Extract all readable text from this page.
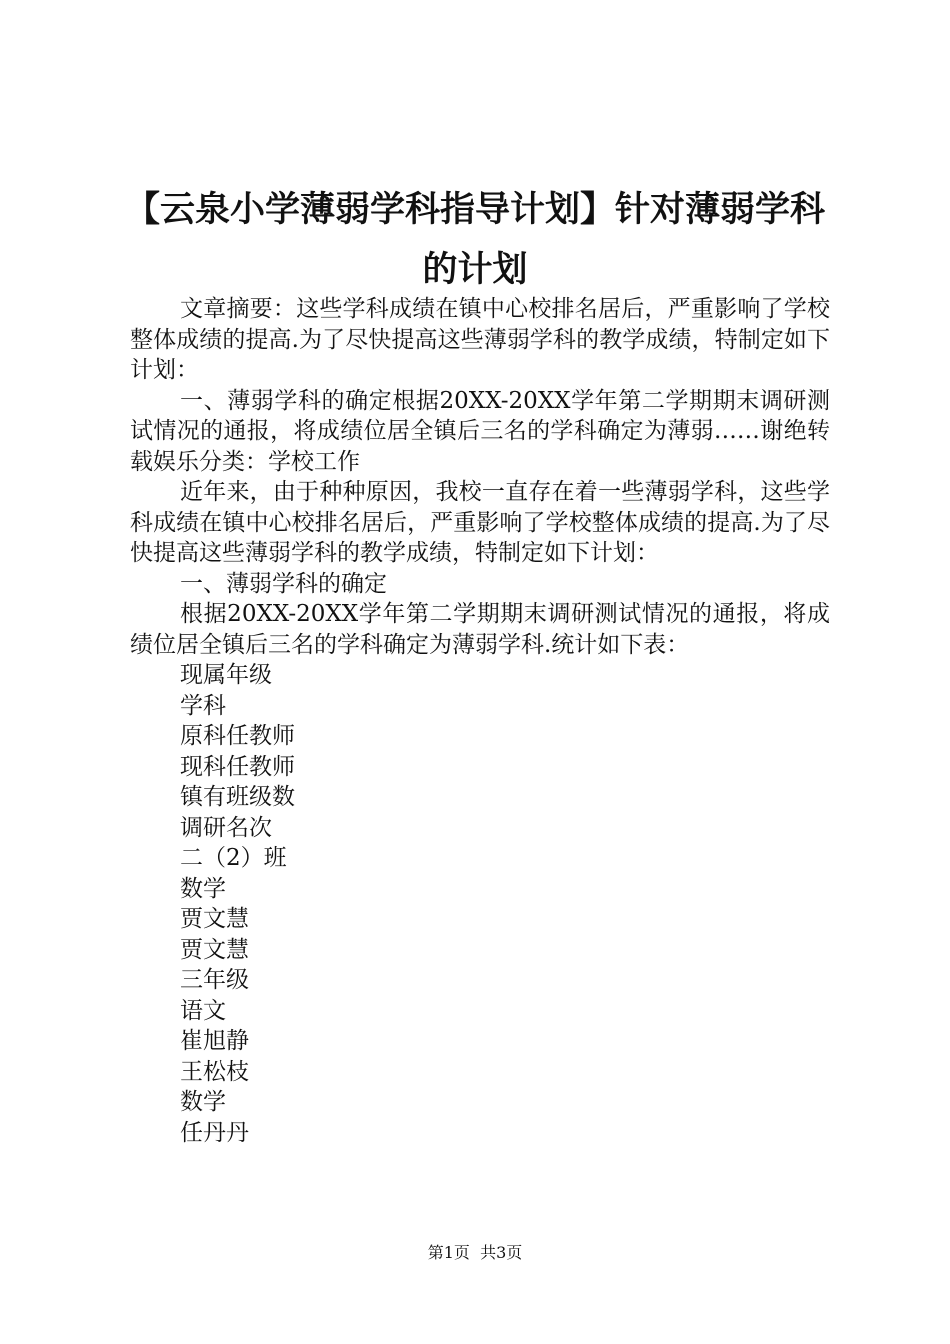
【云泉小学薄弱学科指导计划】针对薄弱学科
的计划

文章摘要：这些学科成绩在镇中心校排名居后，严重影响了学校整体成绩的提高.为了尽快提高这些薄弱学科的教学成绩，特制定如下计划：

一、薄弱学科的确定根据20XX-20XX学年第二学期期末调研测试情况的通报，将成绩位居全镇后三名的学科确定为薄弱……谢绝转载娱乐分类：学校工作

近年来，由于种种原因，我校一直存在着一些薄弱学科，这些学科成绩在镇中心校排名居后，严重影响了学校整体成绩的提高.为了尽快提高这些薄弱学科的教学成绩，特制定如下计划：

一、薄弱学科的确定

根据20XX-20XX学年第二学期期末调研测试情况的通报，将成绩位居全镇后三名的学科确定为薄弱学科.统计如下表：

现属年级

学科

原科任教师

现科任教师

镇有班级数

调研名次

二（2）班

数学

贾文慧

贾文慧

三年级

语文

崔旭静

王松枝

数学

任丹丹

第1页  共3页
